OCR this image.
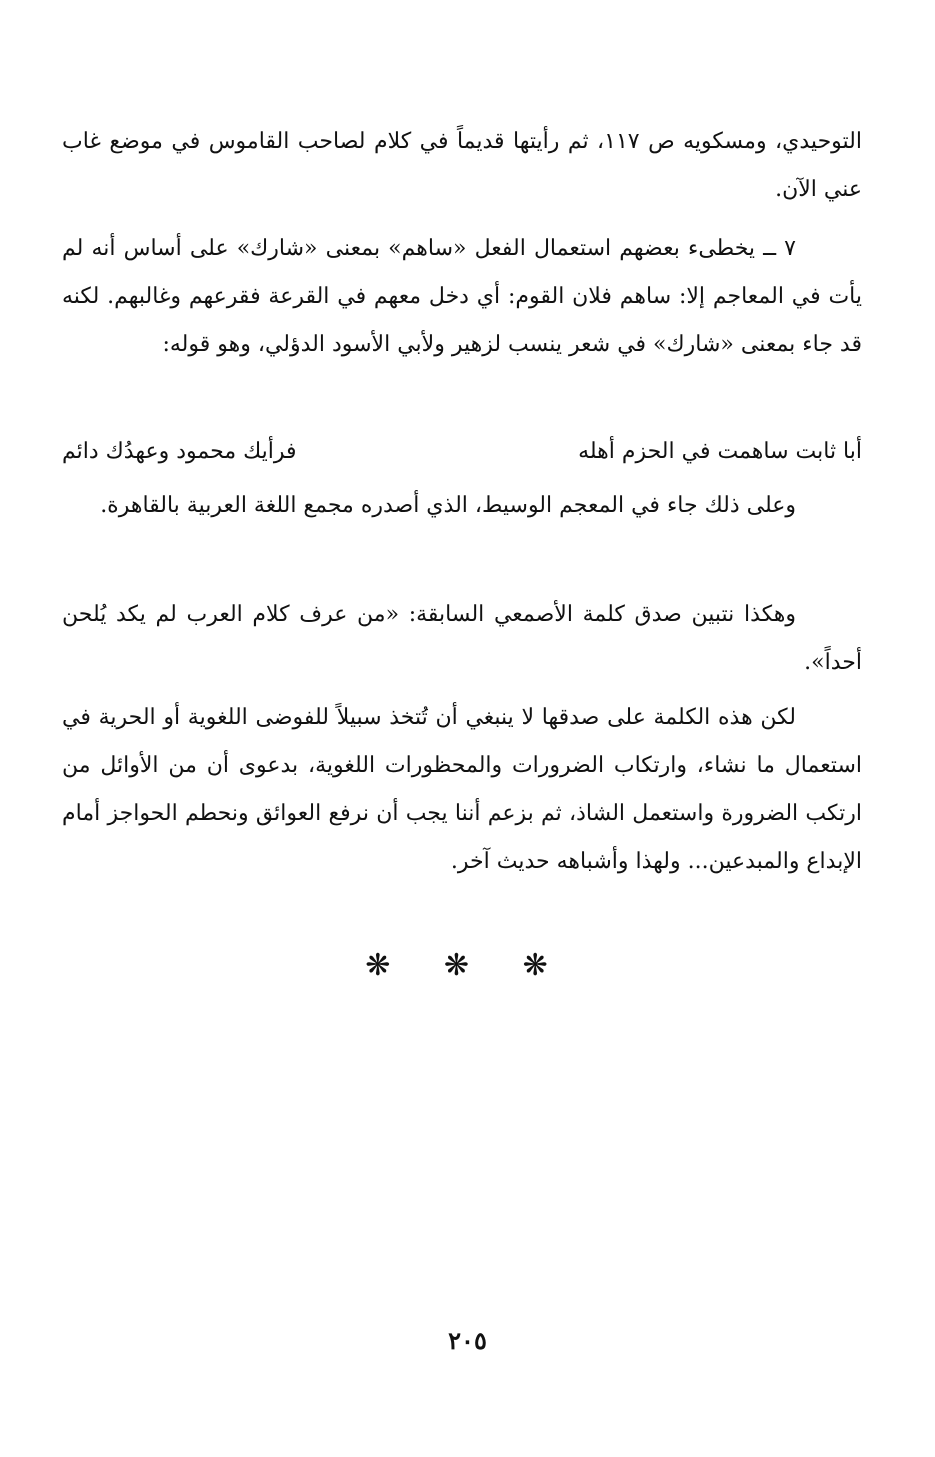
التوحيدي، ومسكويه ص ١١٧، ثم رأيتها قديماً في كلام لصاحب القاموس في موضع غاب عني الآن.

٧ ــ يخطىء بعضهم استعمال الفعل «ساهم» بمعنى «شارك» على أساس أنه لم يأت في المعاجم إلا: ساهم فلان القوم: أي دخل معهم في القرعة فقرعهم وغالبهم. لكنه قد جاء بمعنى «شارك» في شعر ينسب لزهير ولأبي الأسود الدؤلي، وهو قوله:

أبا ثابت ساهمت في الحزم أهله
فرأيك محمود وعهدُك دائم

وعلى ذلك جاء في المعجم الوسيط، الذي أصدره مجمع اللغة العربية بالقاهرة.

وهكذا نتبين صدق كلمة الأصمعي السابقة: «من عرف كلام العرب لم يكد يُلحن أحداً».

لكن هذه الكلمة على صدقها لا ينبغي أن تُتخذ سبيلاً للفوضى اللغوية أو الحرية في استعمال ما نشاء، وارتكاب الضرورات والمحظورات اللغوية، بدعوى أن من الأوائل من ارتكب الضرورة واستعمل الشاذ، ثم بزعم أننا يجب أن نرفع العوائق ونحطم الحواجز أمام الإبداع والمبدعين... ولهذا وأشباهه حديث آخر.

❋ ❋ ❋
٢٠٥
